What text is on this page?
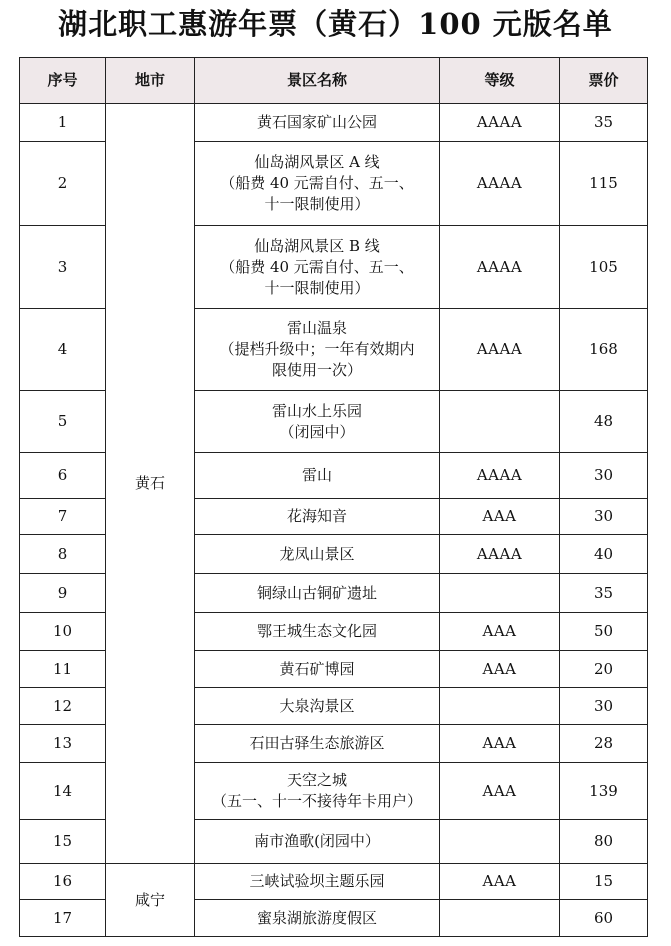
湖北职工惠游年票（黄石）100 元版名单
序号	地市	景区名称	等级	票价
1	黄石	黄石国家矿山公园	AAAA	35
2		仙岛湖风景区 A 线
（船费 40 元需自付、五一、
十一限制使用）	AAAA	115
3		仙岛湖风景区 B 线
（船费 40 元需自付、五一、
十一限制使用）	AAAA	105
4		雷山温泉
（提档升级中；一年有效期内
限使用一次）	AAAA	168
5		雷山水上乐园
（闭园中）		48
6		雷山	AAAA	30
7		花海知音	AAA	30
8		龙凤山景区	AAAA	40
9		铜绿山古铜矿遗址		35
10		鄂王城生态文化园	AAA	50
11		黄石矿博园	AAA	20
12		大泉沟景区		30
13		石田古驿生态旅游区	AAA	28
14		天空之城
（五一、十一不接待年卡用户）	AAA	139
15		南市渔歌(闭园中）		80
16	咸宁	三峡试验坝主题乐园	AAA	15
17		蜜泉湖旅游度假区		60
